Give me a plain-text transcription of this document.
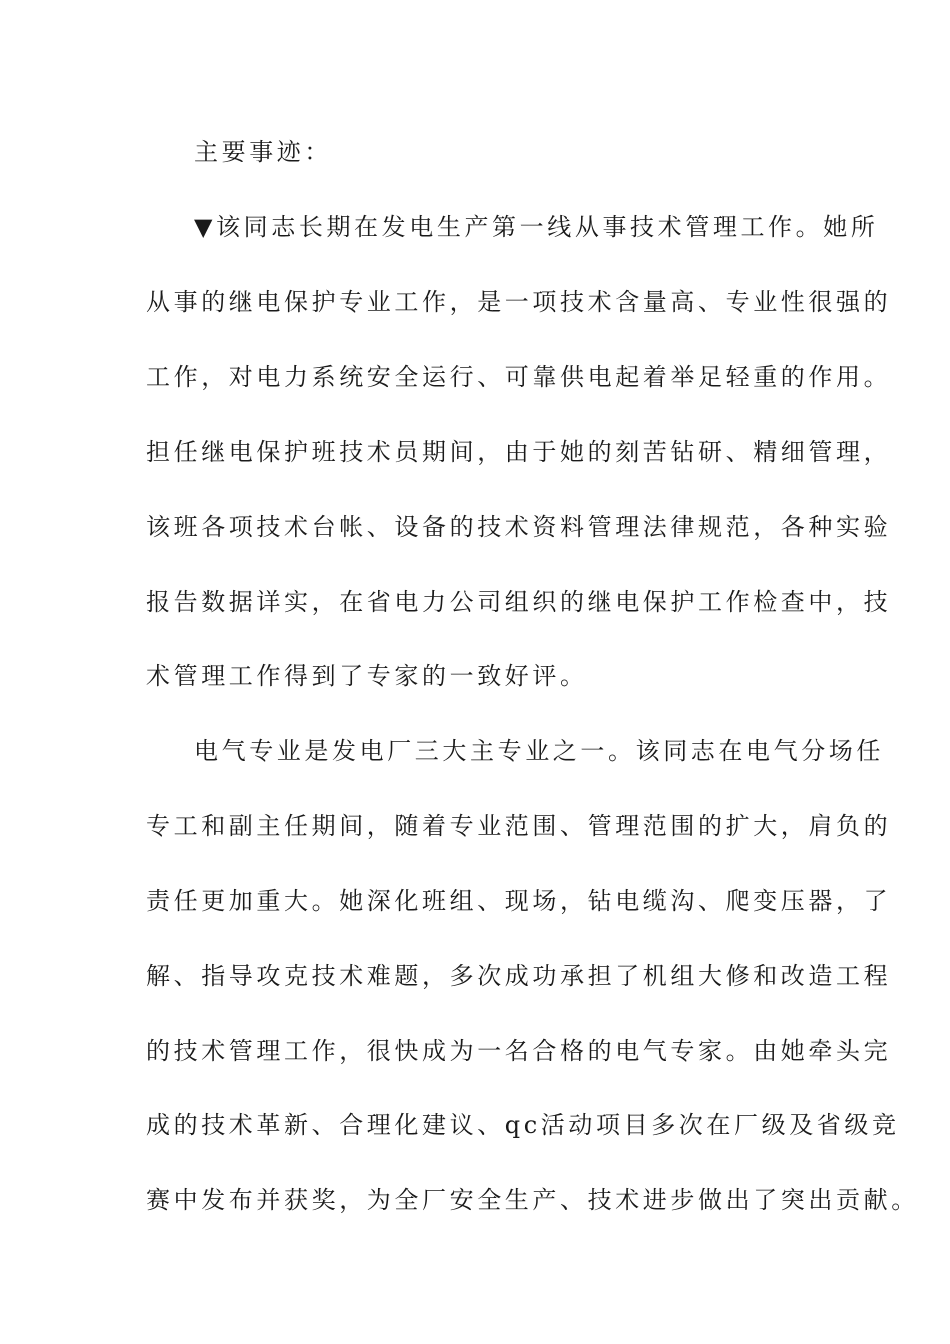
主要事迹：
▼该同志长期在发电生产第一线从事技术管理工作。她所
从事的继电保护专业工作，是一项技术含量高、专业性很强的
工作，对电力系统安全运行、可靠供电起着举足轻重的作用。
担任继电保护班技术员期间，由于她的刻苦钻研、精细管理，
该班各项技术台帐、设备的技术资料管理法律规范，各种实验
报告数据详实，在省电力公司组织的继电保护工作检查中，技
术管理工作得到了专家的一致好评。
电气专业是发电厂三大主专业之一。该同志在电气分场任
专工和副主任期间，随着专业范围、管理范围的扩大，肩负的
责任更加重大。她深化班组、现场，钻电缆沟、爬变压器，了
解、指导攻克技术难题，多次成功承担了机组大修和改造工程
的技术管理工作，很快成为一名合格的电气专家。由她牵头完
成的技术革新、合理化建议、qc活动项目多次在厂级及省级竞
赛中发布并获奖，为全厂安全生产、技术进步做出了突出贡献。
